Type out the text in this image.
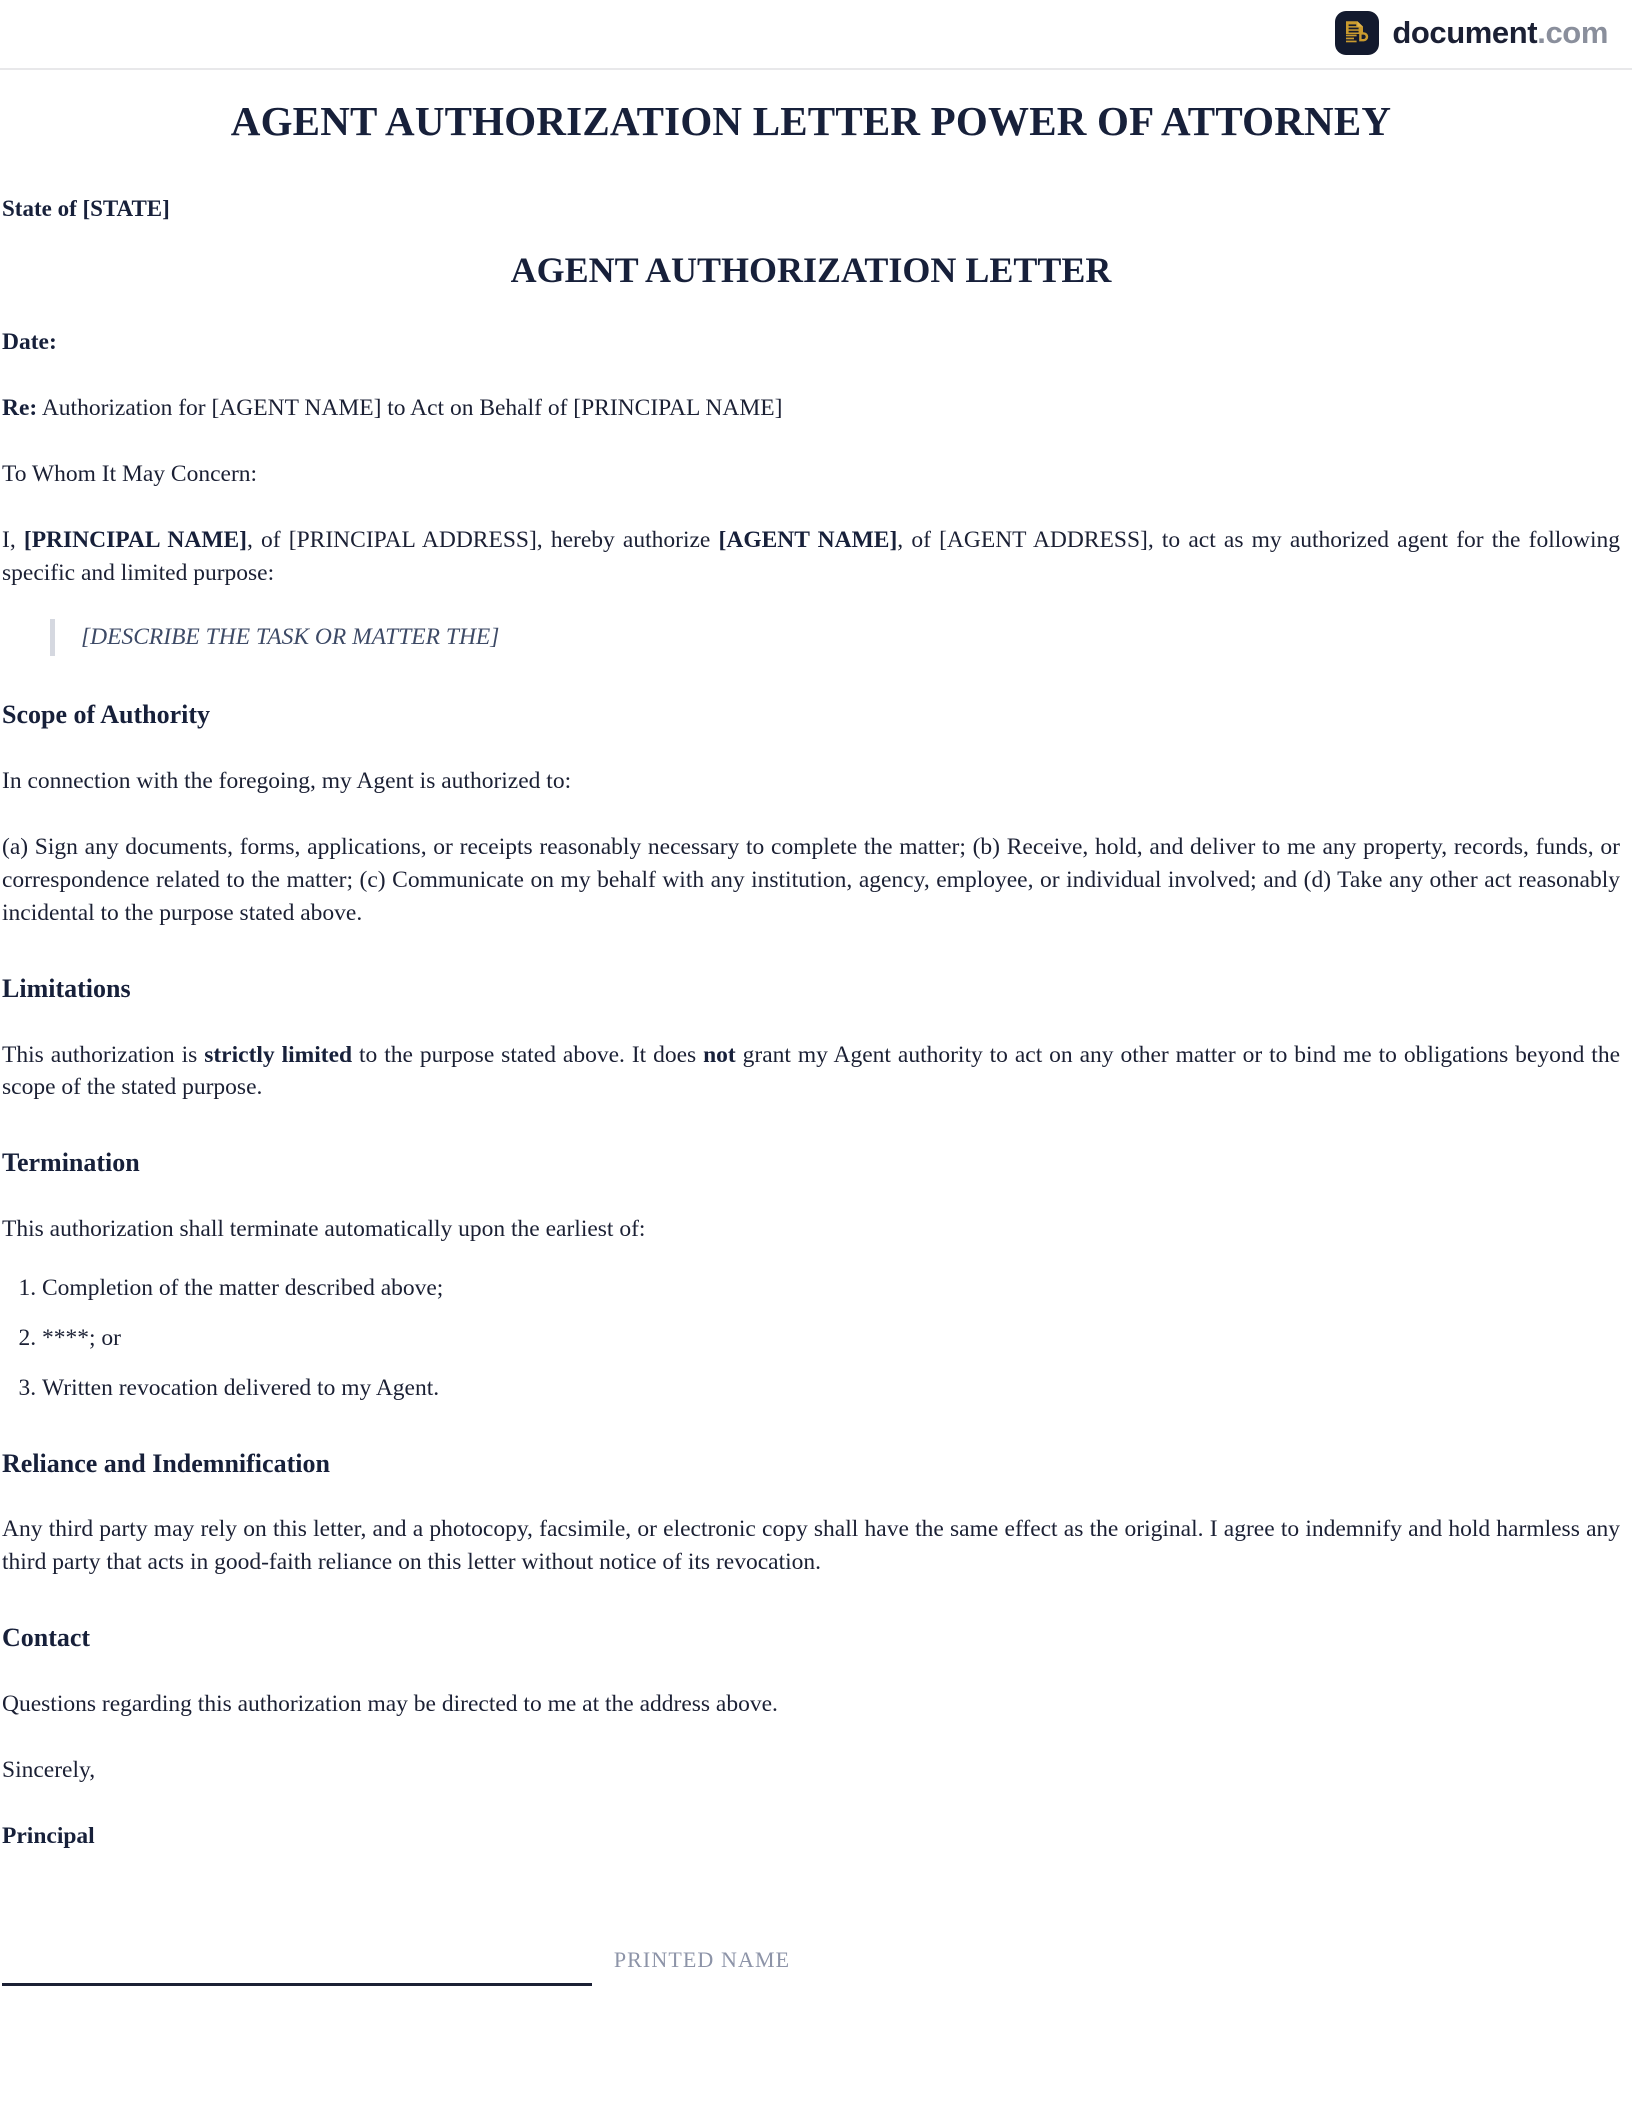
document.com
AGENT AUTHORIZATION LETTER POWER OF ATTORNEY

State of [STATE]

AGENT AUTHORIZATION LETTER

Date:

Re: Authorization for [AGENT NAME] to Act on Behalf of [PRINCIPAL NAME]

To Whom It May Concern:

I, [PRINCIPAL NAME], of [PRINCIPAL ADDRESS], hereby authorize [AGENT NAME], of [AGENT ADDRESS], to act as my authorized agent for the following specific and limited purpose:

[DESCRIBE THE TASK OR MATTER THE]
Scope of Authority

In connection with the foregoing, my Agent is authorized to:

(a) Sign any documents, forms, applications, or receipts reasonably necessary to complete the matter; (b) Receive, hold, and deliver to me any property, records, funds, or correspondence related to the matter; (c) Communicate on my behalf with any institution, agency, employee, or individual involved; and (d) Take any other act reasonably incidental to the purpose stated above.

Limitations

This authorization is strictly limited to the purpose stated above. It does not grant my Agent authority to act on any other matter or to bind me to obligations beyond the scope of the stated purpose.

Termination

This authorization shall terminate automatically upon the earliest of:

1. Completion of the matter described above;
2. ****; or
3. Written revocation delivered to my Agent.
Reliance and Indemnification

Any third party may rely on this letter, and a photocopy, facsimile, or electronic copy shall have the same effect as the original. I agree to indemnify and hold harmless any third party that acts in good-faith reliance on this letter without notice of its revocation.

Contact

Questions regarding this authorization may be directed to me at the address above.

Sincerely,

Principal

PRINTED NAME
